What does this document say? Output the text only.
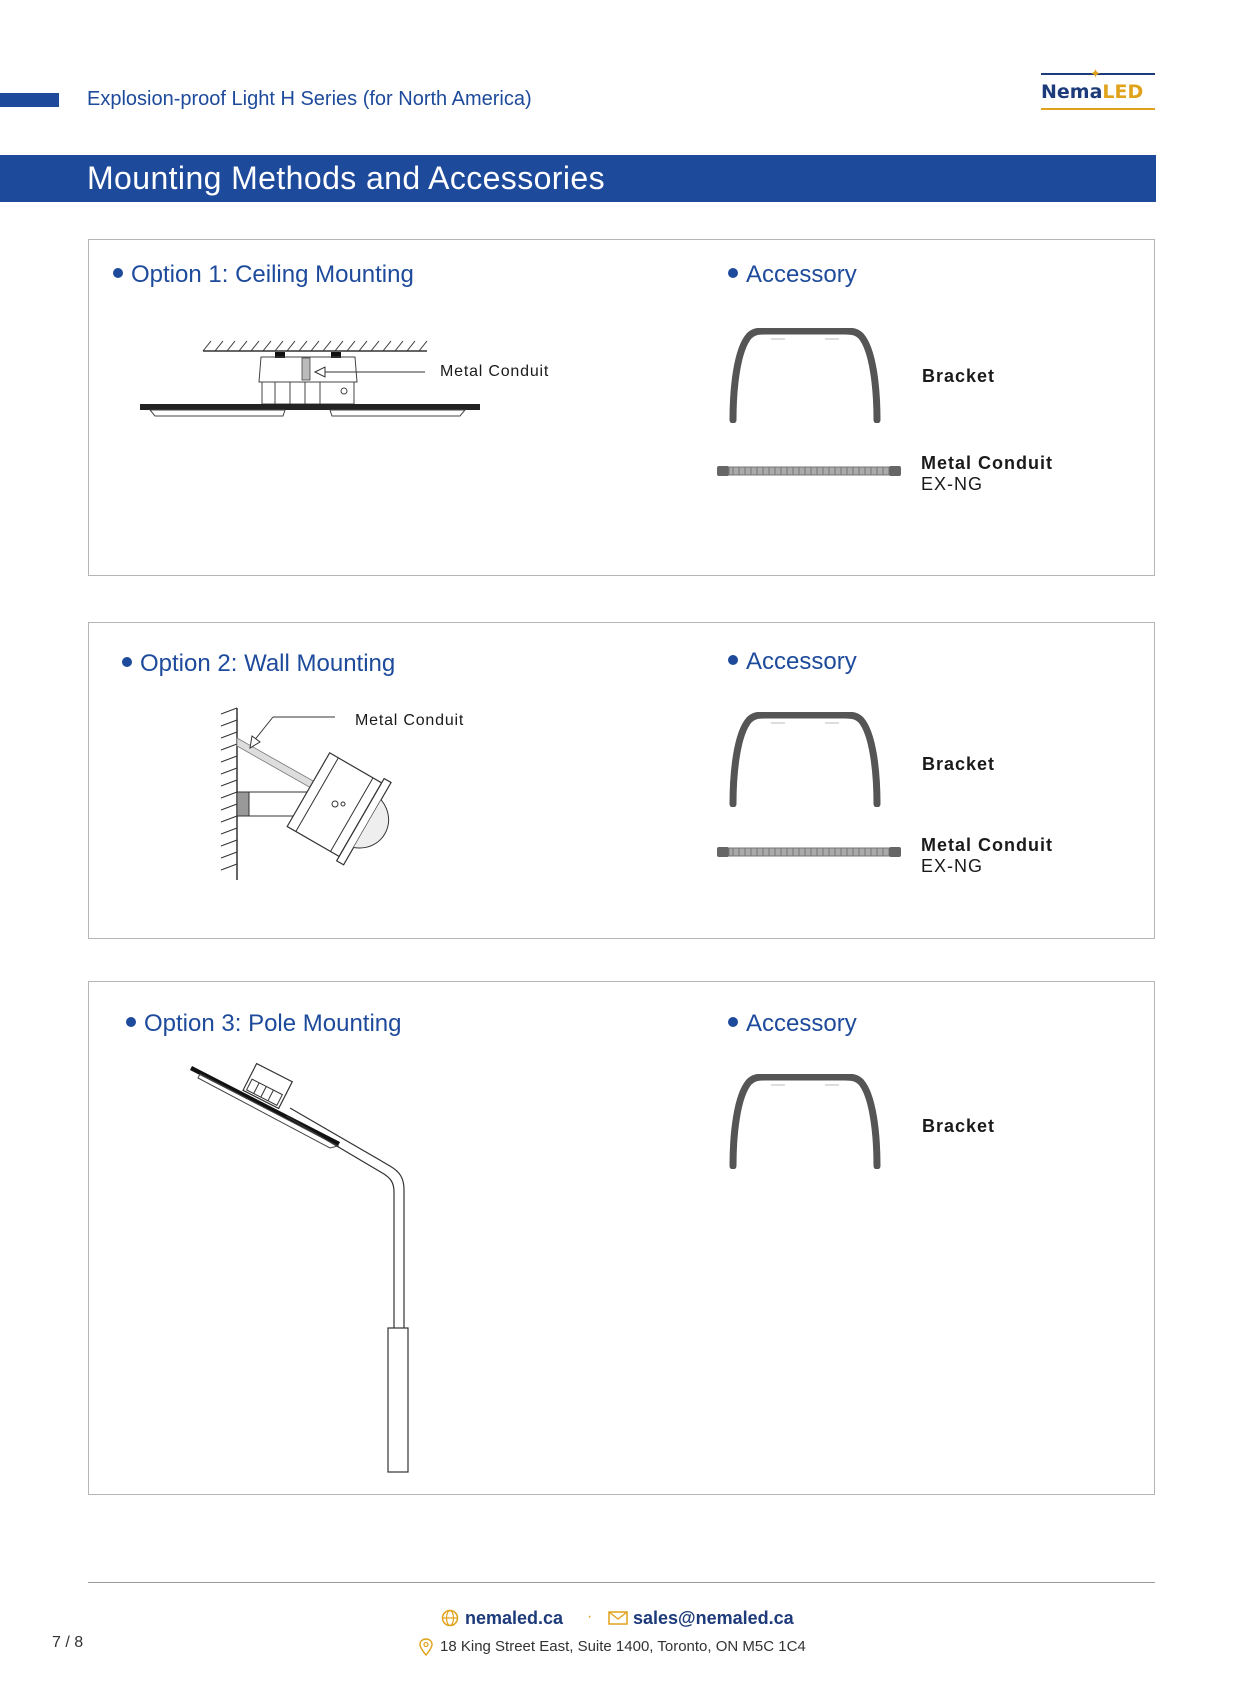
Explosion-proof Light H Series (for North America)
✦
NemaLED
Mounting Methods and Accessories
Option 1: Ceiling Mounting	Accessory
Metal Conduit	Bracket
Metal Conduit
EX-NG
Option 2: Wall Mounting	Accessory
Metal Conduit
Bracket
Metal Conduit
EX-NG
Option 3: Pole Mounting	Accessory
Bracket
nemaled.ca · sales@nemaled.ca
18 King Street East, Suite 1400, Toronto, ON M5C 1C4
7 / 8
